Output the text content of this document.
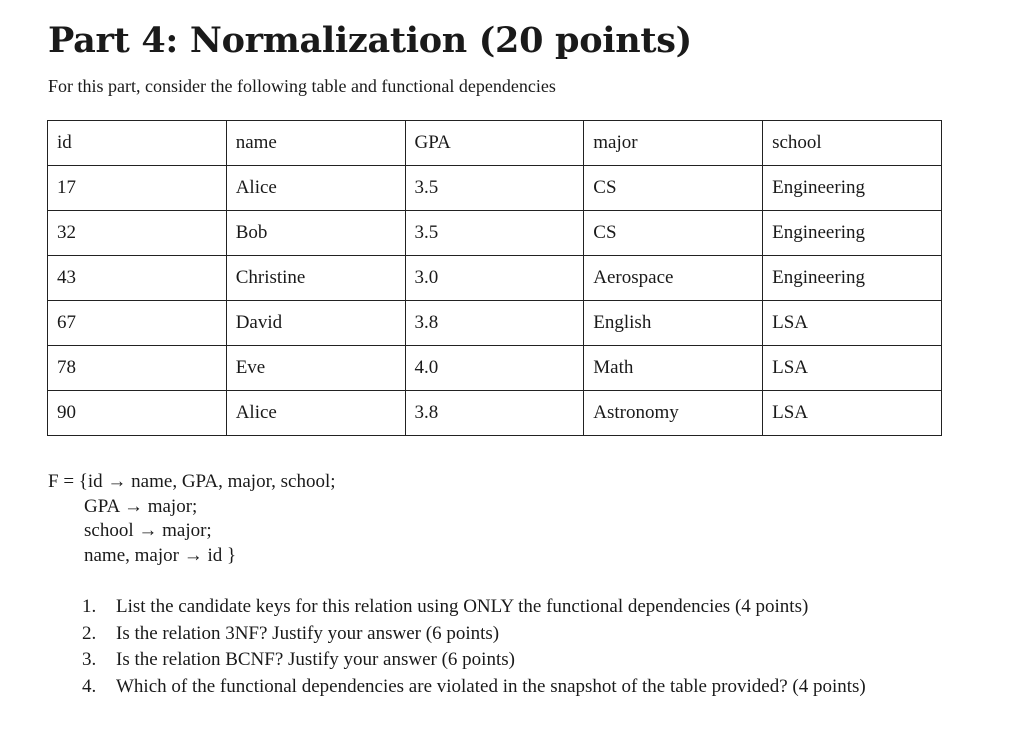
Part 4: Normalization (20 points)

For this part, consider the following table and functional dependencies

id	name	GPA	major	school
17	Alice	3.5	CS	Engineering
32	Bob	3.5	CS	Engineering
43	Christine	3.0	Aerospace	Engineering
67	David	3.8	English	LSA
78	Eve	4.0	Math	LSA
90	Alice	3.8	Astronomy	LSA
F = {id → name, GPA, major, school;
GPA → major;
school → major;
name, major → id }
1.	List the candidate keys for this relation using ONLY the functional dependencies (4 points)
2.	Is the relation 3NF? Justify your answer (6 points)
3.	Is the relation BCNF? Justify your answer (6 points)
4.	Which of the functional dependencies are violated in the snapshot of the table provided? (4 points)
